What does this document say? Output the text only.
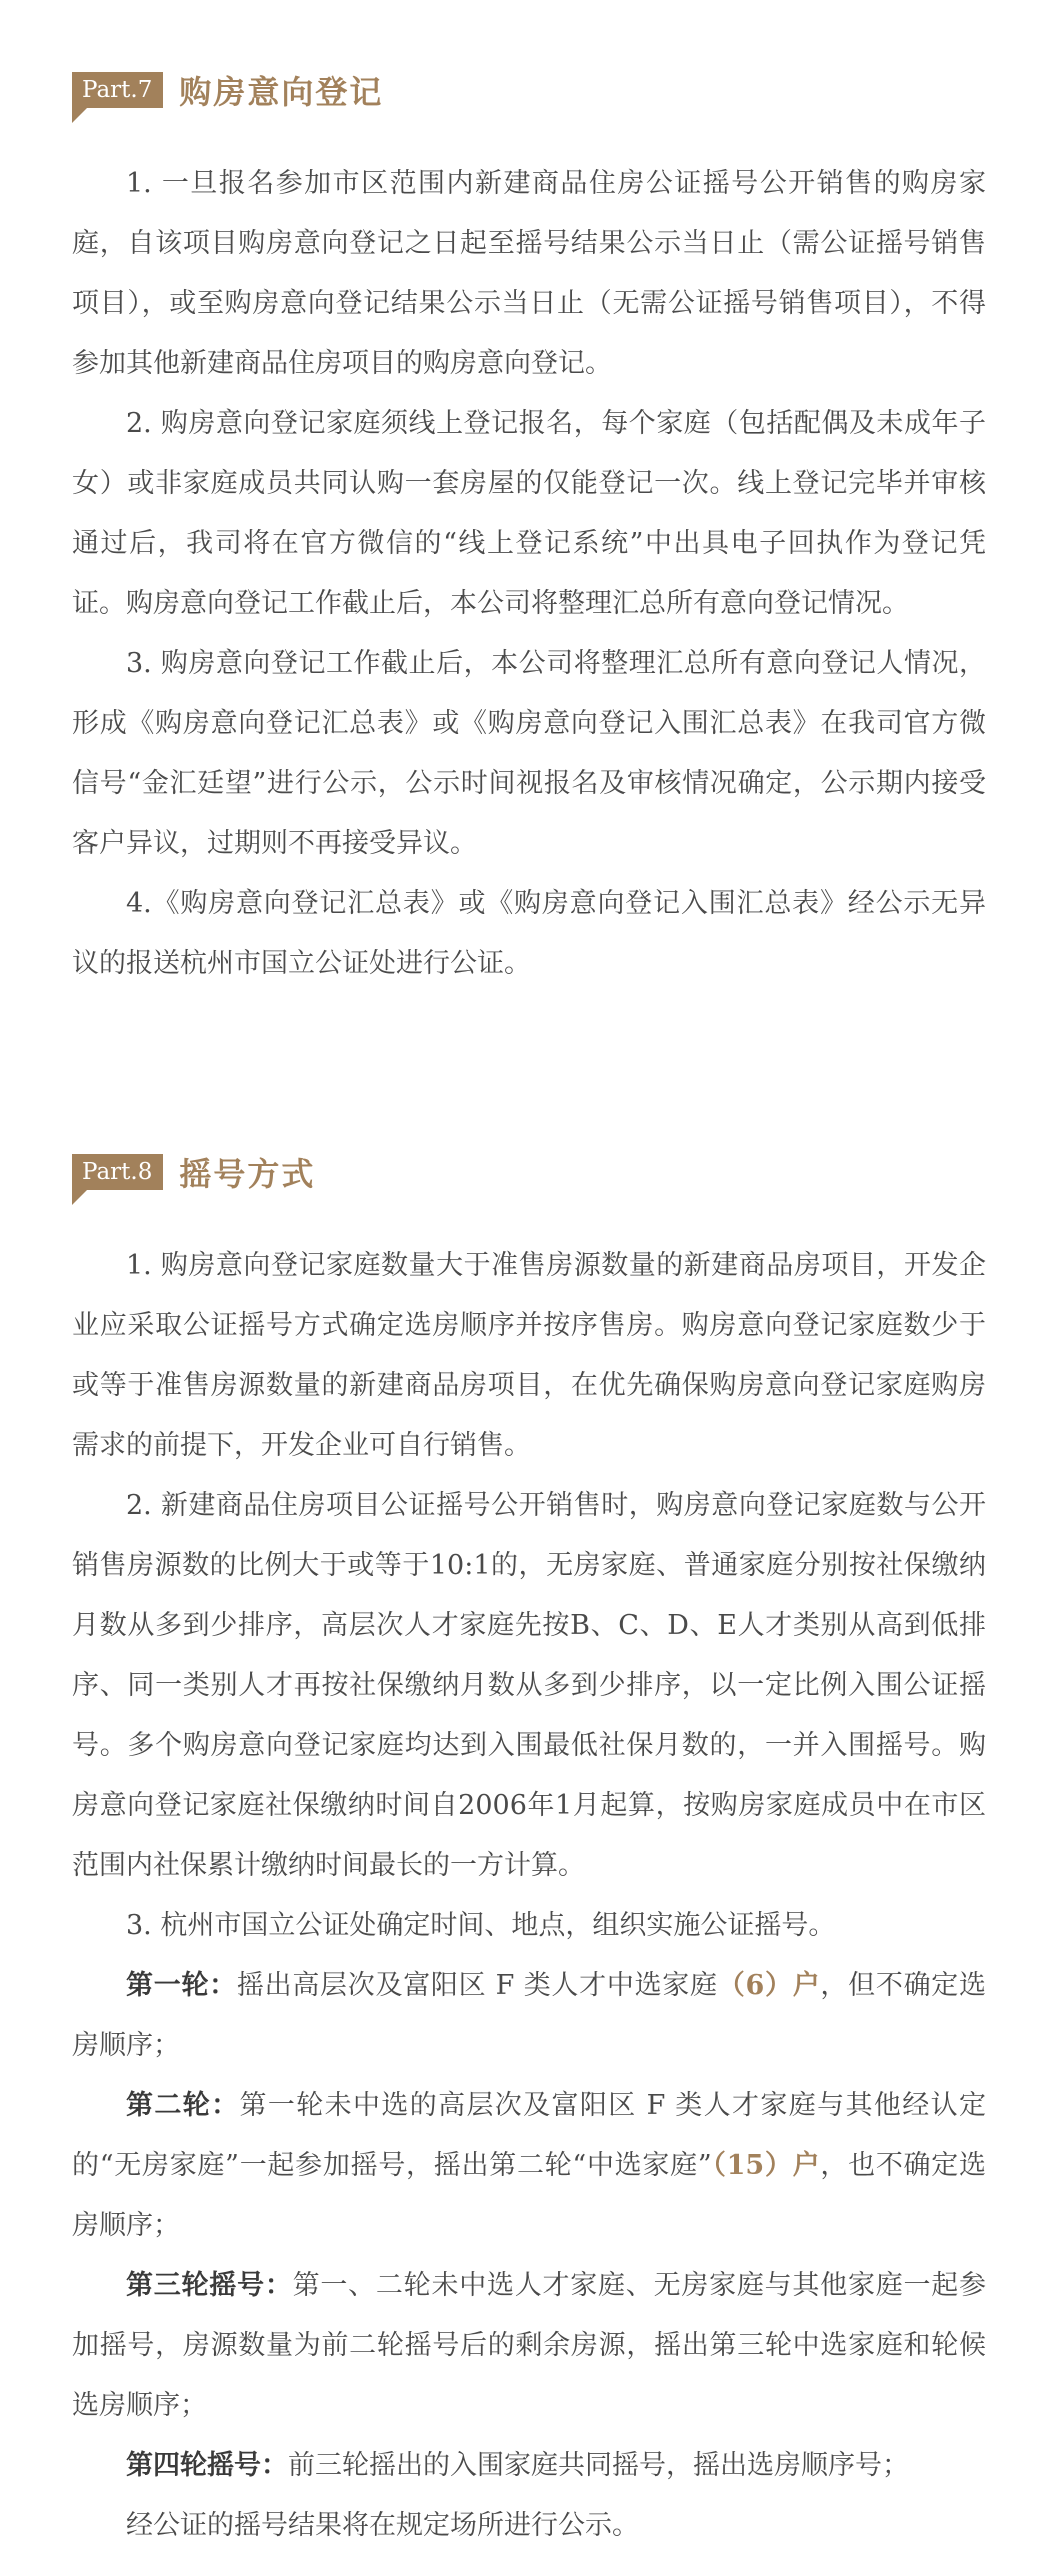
Part.7 购房意向登记

1. 一旦报名参加市区范围内新建商品住房公证摇号公开销售的购房家庭，自该项目购房意向登记之日起至摇号结果公示当日止（需公证摇号销售项目），或至购房意向登记结果公示当日止（无需公证摇号销售项目），不得参加其他新建商品住房项目的购房意向登记。

2. 购房意向登记家庭须线上登记报名，每个家庭（包括配偶及未成年子女）或非家庭成员共同认购一套房屋的仅能登记一次。线上登记完毕并审核通过后，我司将在官方微信的“线上登记系统”中出具电子回执作为登记凭证。购房意向登记工作截止后，本公司将整理汇总所有意向登记情况。

3. 购房意向登记工作截止后，本公司将整理汇总所有意向登记人情况，形成《购房意向登记汇总表》或《购房意向登记入围汇总表》在我司官方微信号“金汇廷望”进行公示，公示时间视报名及审核情况确定，公示期内接受客户异议，过期则不再接受异议。

4.《购房意向登记汇总表》或《购房意向登记入围汇总表》经公示无异议的报送杭州市国立公证处进行公证。

Part.8 摇号方式

1. 购房意向登记家庭数量大于准售房源数量的新建商品房项目，开发企业应采取公证摇号方式确定选房顺序并按序售房。购房意向登记家庭数少于或等于准售房源数量的新建商品房项目，在优先确保购房意向登记家庭购房需求的前提下，开发企业可自行销售。

2. 新建商品住房项目公证摇号公开销售时，购房意向登记家庭数与公开销售房源数的比例大于或等于10:1的，无房家庭、普通家庭分别按社保缴纳月数从多到少排序，高层次人才家庭先按B、C、D、E人才类别从高到低排序、同一类别人才再按社保缴纳月数从多到少排序，以一定比例入围公证摇号。多个购房意向登记家庭均达到入围最低社保月数的，一并入围摇号。购房意向登记家庭社保缴纳时间自2006年1月起算，按购房家庭成员中在市区范围内社保累计缴纳时间最长的一方计算。

3. 杭州市国立公证处确定时间、地点，组织实施公证摇号。

第一轮：摇出高层次及富阳区 F 类人才中选家庭（6）户，但不确定选房顺序；

第二轮：第一轮未中选的高层次及富阳区 F 类人才家庭与其他经认定的“无房家庭”一起参加摇号，摇出第二轮“中选家庭”（15）户，也不确定选房顺序；

第三轮摇号：第一、二轮未中选人才家庭、无房家庭与其他家庭一起参加摇号，房源数量为前二轮摇号后的剩余房源，摇出第三轮中选家庭和轮候选房顺序；

第四轮摇号：前三轮摇出的入围家庭共同摇号，摇出选房顺序号；

经公证的摇号结果将在规定场所进行公示。
